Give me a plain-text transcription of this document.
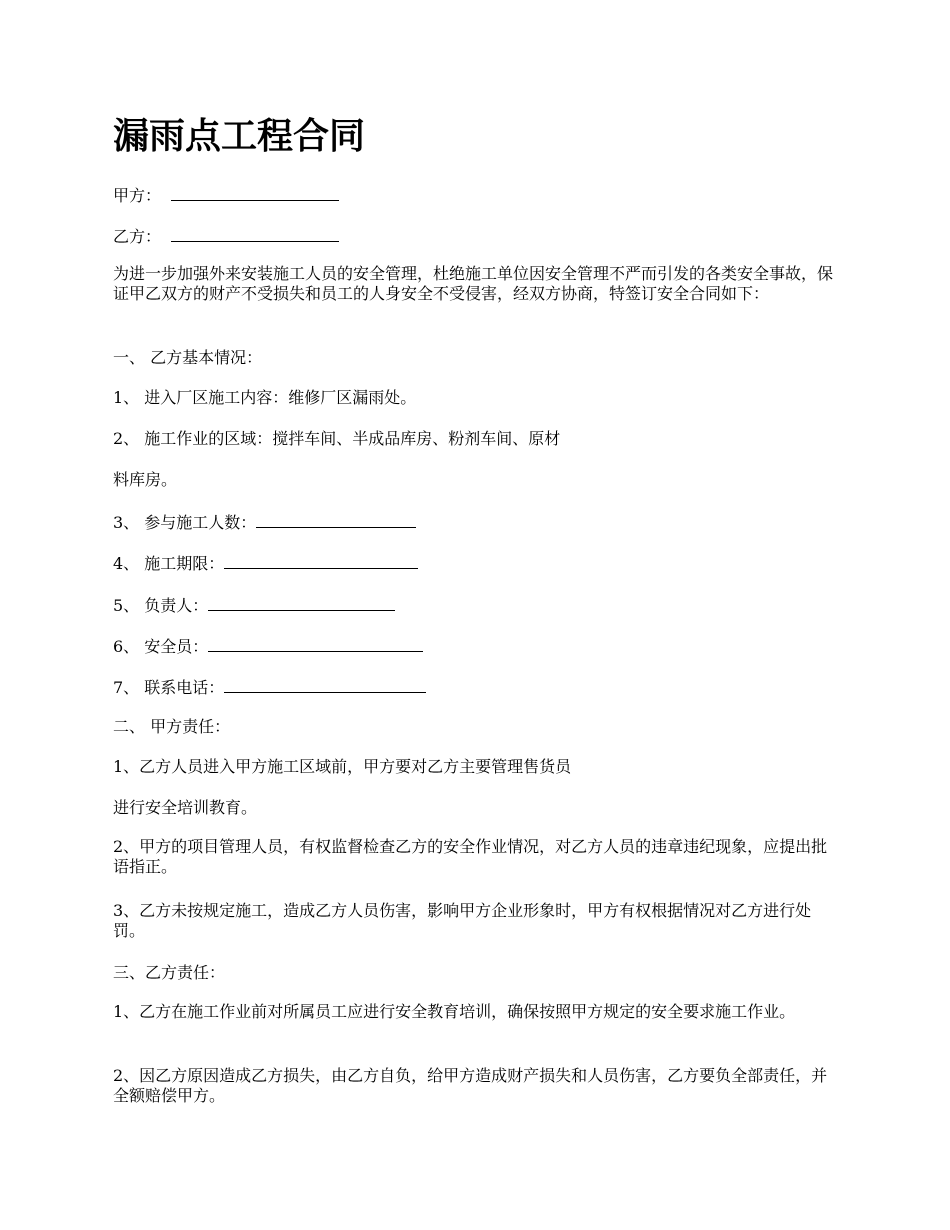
漏雨点工程合同

甲方：

乙方：

为进一步加强外来安装施工人员的安全管理，杜绝施工单位因安全管理不严而引发的各类安全事故，保证甲乙双方的财产不受损失和员工的人身安全不受侵害，经双方协商，特签订安全合同如下：

一、 乙方基本情况：

1、 进入厂区施工内容：维修厂区漏雨处。

2、 施工作业的区域：搅拌车间、半成品库房、粉剂车间、原材

料库房。

3、 参与施工人数：

4、 施工期限：

5、 负责人：

6、 安全员：

7、 联系电话：

二、 甲方责任：

1、乙方人员进入甲方施工区域前，甲方要对乙方主要管理售货员

进行安全培训教育。

2、甲方的项目管理人员，有权监督检查乙方的安全作业情况，对乙方人员的违章违纪现象，应提出批语指正。

3、乙方未按规定施工，造成乙方人员伤害，影响甲方企业形象时，甲方有权根据情况对乙方进行处罚。

三、乙方责任：

1、乙方在施工作业前对所属员工应进行安全教育培训，确保按照甲方规定的安全要求施工作业。

2、因乙方原因造成乙方损失，由乙方自负，给甲方造成财产损失和人员伤害，乙方要负全部责任，并全额赔偿甲方。
